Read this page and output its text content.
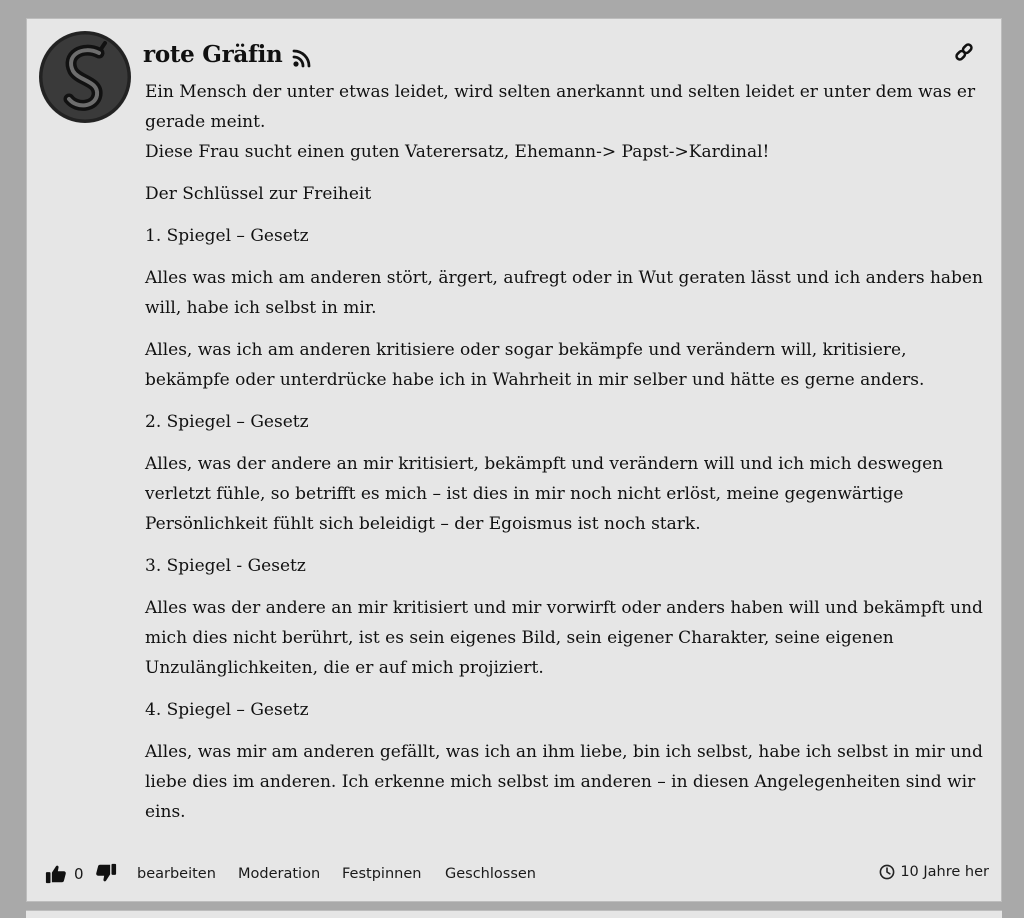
rote Gräfin

Ein Mensch der unter etwas leidet, wird selten anerkannt und selten leidet er unter dem was er gerade meint.

Diese Frau sucht einen guten Vaterersatz, Ehemann-> Papst->Kardinal!

Der Schlüssel zur Freiheit

1. Spiegel – Gesetz

Alles was mich am anderen stört, ärgert, aufregt oder in Wut geraten lässt und ich anders haben will, habe ich selbst in mir.

Alles, was ich am anderen kritisiere oder sogar bekämpfe und verändern will, kritisiere, bekämpfe oder unterdrücke habe ich in Wahrheit in mir selber und hätte es gerne anders.

2. Spiegel – Gesetz

Alles, was der andere an mir kritisiert, bekämpft und verändern will und ich mich deswegen verletzt fühle, so betrifft es mich – ist dies in mir noch nicht erlöst, meine gegenwärtige Persönlichkeit fühlt sich beleidigt – der Egoismus ist noch stark.

3. Spiegel - Gesetz

Alles was der andere an mir kritisiert und mir vorwirft oder anders haben will und bekämpft und mich dies nicht berührt, ist es sein eigenes Bild, sein eigener Charakter, seine eigenen Unzulänglichkeiten, die er auf mich projiziert.

4. Spiegel – Gesetz

Alles, was mir am anderen gefällt, was ich an ihm liebe, bin ich selbst, habe ich selbst in mir und liebe dies im anderen. Ich erkenne mich selbst im anderen – in diesen Angelegenheiten sind wir eins.

0	bearbeiten Moderation Festpinnen Geschlossen	10 Jahre her
